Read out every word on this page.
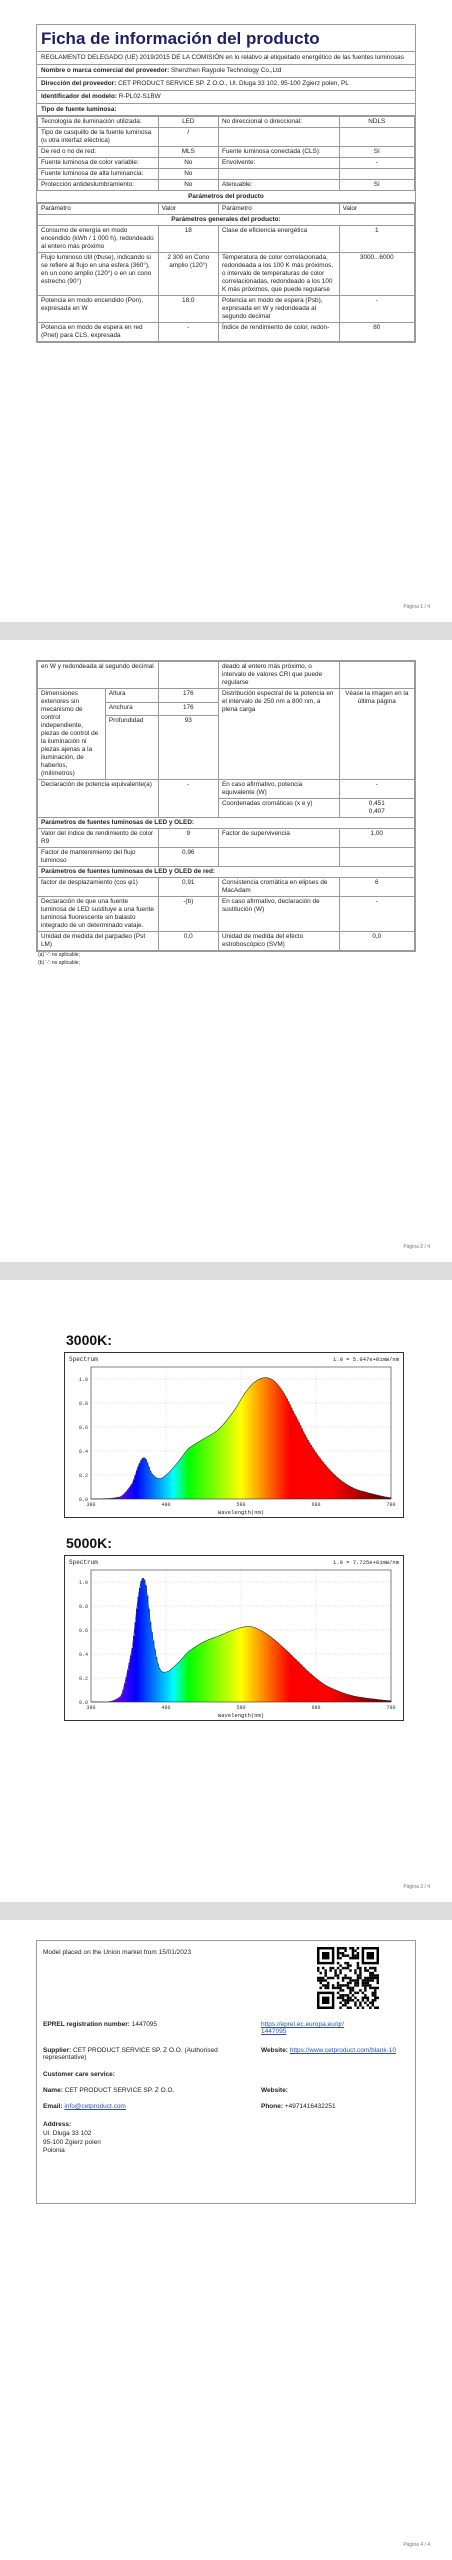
Ficha de información del producto
REGLAMENTO DELEGADO (UE) 2019/2015 DE LA COMISIÓN en lo relativo al etiquetado energético de las fuentes luminosas
Nombre o marca comercial del proveedor: Shenzhen Raypole Technology Co.,Ltd
Dirección del proveedor: CET PRODUCT SERVICE SP. Z O.O., Ul. Dluga 33 102, 95-100 Zgierz polen, PL
Identificador del modelo: R-PL02-S1BW
Tipo de fuente luminosa:
Tecnología de iluminación utilizada:	LED	No direccional o direccional:	NDLS
Tipo de casquillo de la fuente luminosa (u otra interfaz eléctrica)	/		
De red o no de red:	MLS	Fuente luminosa conectada (CLS):	Sí
Fuente luminosa de color variable:	No	Envolvente:	-
Fuente luminosa de alta luminancia:	No		
Protección antideslumbramiento:	No	Atenuable:	Sí
Parámetros del producto
Parámetro	Valor	Parámetro	Valor
Parámetros generales del producto:			
Consumo de energía en modo encendido (kWh / 1 000 h), redondeado al entero más próximo	18	Clase de eficiencia energética	1
Flujo luminoso útil (Φuse), indicando si se refiere al flujo en una esfera (360°), en un cono amplio (120°) o en un cono estrecho (90°)	2 300 en Cono amplio (120°)	Temperatura de color correlacionada, redondeada a los 100 K más próximos, o intervalo de temperaturas de color correlacionadas, redondeado a los 100 K más próximos, que puede regularse	3000...6000
Potencia en modo encendido (Pon), expresada en W	18,0	Potencia en modo de espera (Psb), expresada en W y redondeada al segundo decimal	-
Potencia en modo de espera en red (Pnet) para CLS, expresada	-	Índice de rendimiento de color, redon-	80
Página 1 / 4
en W y redondeada al segundo decimal			deado al entero más próximo, o intervalo de valores CRI que puede regularse	
Dimensiones exteriores sin mecanismo de control independiente, piezas de control de la iluminación ni piezas ajenas a la iluminación, de haberlos, (milímetros)	Altura	176	Distribución espectral de la potencia en el intervalo de 250 nm a 800 nm, a plena carga	Véase la imagen en la última página
	Anchura	176		
	Profundidad	93		
Declaración de potencia equivalente(a)		-	En caso afirmativo, potencia equivalente (W)	-
			Coordenadas cromáticas (x e y)	0,451
0,407
Parámetros de fuentes luminosas de LED y OLED:				
Valor del índice de rendimiento de color R9		9	Factor de supervivencia	1,00
Factor de mantenimiento del flujo luminoso		0,96		
Parámetros de fuentes luminosas de LED y OLED de red:				
factor de desplazamiento (cos φ1)		0,91	Consistencia cromática en elipses de MacAdam	6
Declaración de que una fuente luminosa de LED sustituye a una fuente luminosa fluorescente sin balasto integrado de un determinado vataje.		-(b)	En caso afirmativo, declaración de sustitución (W)	-
Unidad de medida del parpadeo (Pst LM)		0,0	Unidad de medida del efecto estroboscópico (SVM)	0,0
(a) '-': no aplicable;
(b) '-': no aplicable;
Página 2 / 4
3000K:
Spectrum	1.0 = 5.947e+01mW/nm
0.0
0.2
0.4
0.6
0.8
1.0
380	480	580	680	780
Wavelength(nm)
5000K:
Spectrum	1.0 = 7.725e+01mW/nm
0.0
0.2
0.4
0.6
0.8
1.0
380	480	580	680	780
Wavelength(nm)
Página 3 / 4
Model placed on the Union market from 15/01/2023
EPREL registration number: 1447095	https://eprel.ec.europa.eu/qr/1447095
Supplier: CET PRODUCT SERVICE SP. Z O.O. (Authorised representative)
Website: https://www.cetproduct.com/blank-10
Customer care service:
Name: CET PRODUCT SERVICE SP. Z O.O.	Website:
Email: info@cetproduct.com	Phone: +4971416432251
Address:
Ul. Dluga 33 102
95-100 Zgierz polen
Polonia
Página 4 / 4
